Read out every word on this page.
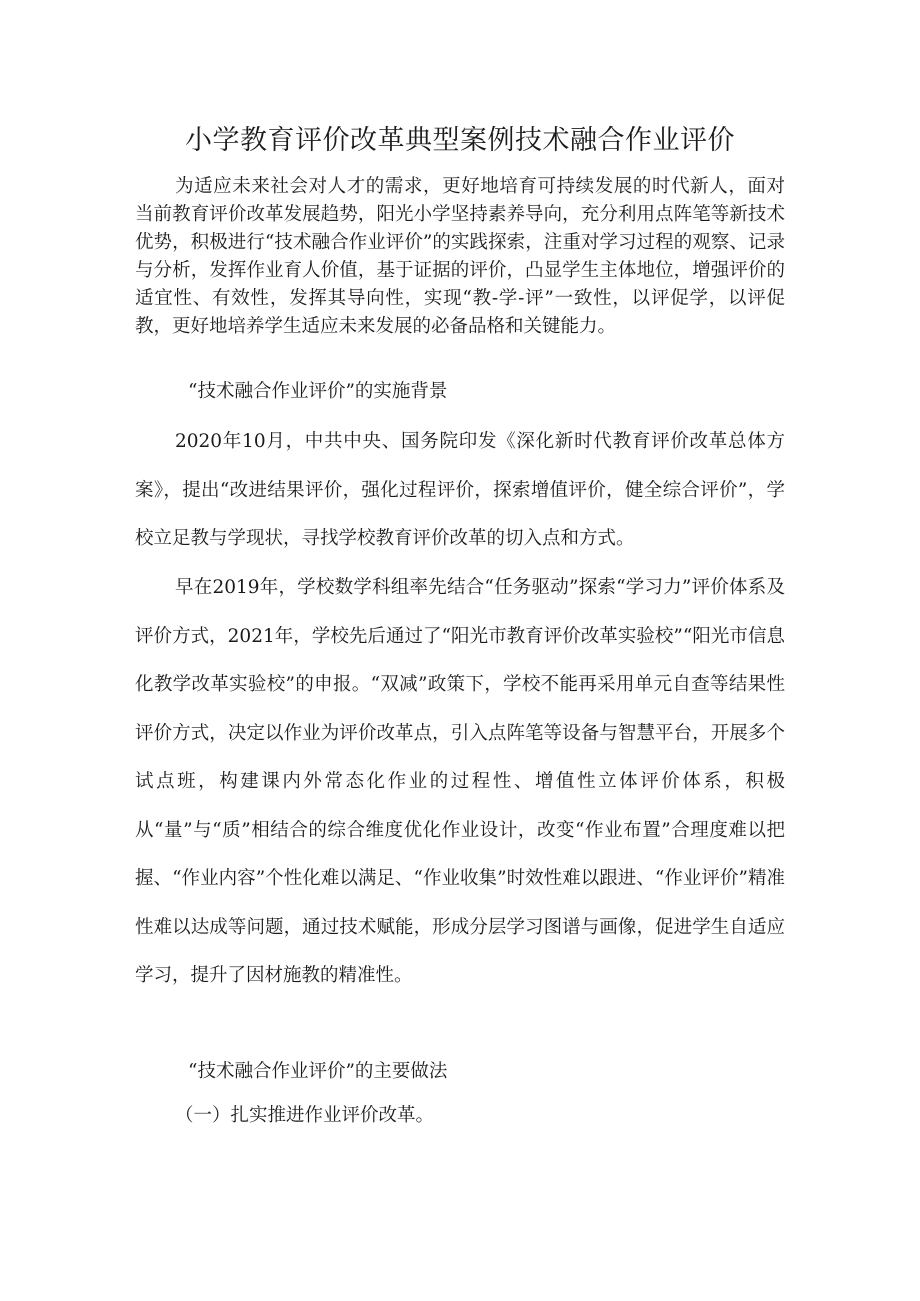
小学教育评价改革典型案例技术融合作业评价

为适应未来社会对人才的需求，更好地培育可持续发展的时代新人，面对当前教育评价改革发展趋势，阳光小学坚持素养导向，充分利用点阵笔等新技术优势，积极进行“技术融合作业评价”的实践探索，注重对学习过程的观察、记录与分析，发挥作业育人价值，基于证据的评价，凸显学生主体地位，增强评价的适宜性、有效性，发挥其导向性，实现“教-学-评”一致性，以评促学，以评促教，更好地培养学生适应未来发展的必备品格和关键能力。

“技术融合作业评价”的实施背景

2020年10月，中共中央、国务院印发《深化新时代教育评价改革总体方案》，提出“改进结果评价，强化过程评价，探索增值评价，健全综合评价”，学校立足教与学现状，寻找学校教育评价改革的切入点和方式。

早在2019年，学校数学科组率先结合“任务驱动”探索“学习力”评价体系及评价方式，2021年，学校先后通过了“阳光市教育评价改革实验校”“阳光市信息化教学改革实验校”的申报。“双减”政策下，学校不能再采用单元自查等结果性评价方式，决定以作业为评价改革点，引入点阵笔等设备与智慧平台，开展多个试点班，构建课内外常态化作业的过程性、增值性立体评价体系，积极从“量”与“质”相结合的综合维度优化作业设计，改变“作业布置”合理度难以把握、“作业内容”个性化难以满足、“作业收集”时效性难以跟进、“作业评价”精准性难以达成等问题，通过技术赋能，形成分层学习图谱与画像，促进学生自适应学习，提升了因材施教的精准性。

“技术融合作业评价”的主要做法

（一）扎实推进作业评价改革。
